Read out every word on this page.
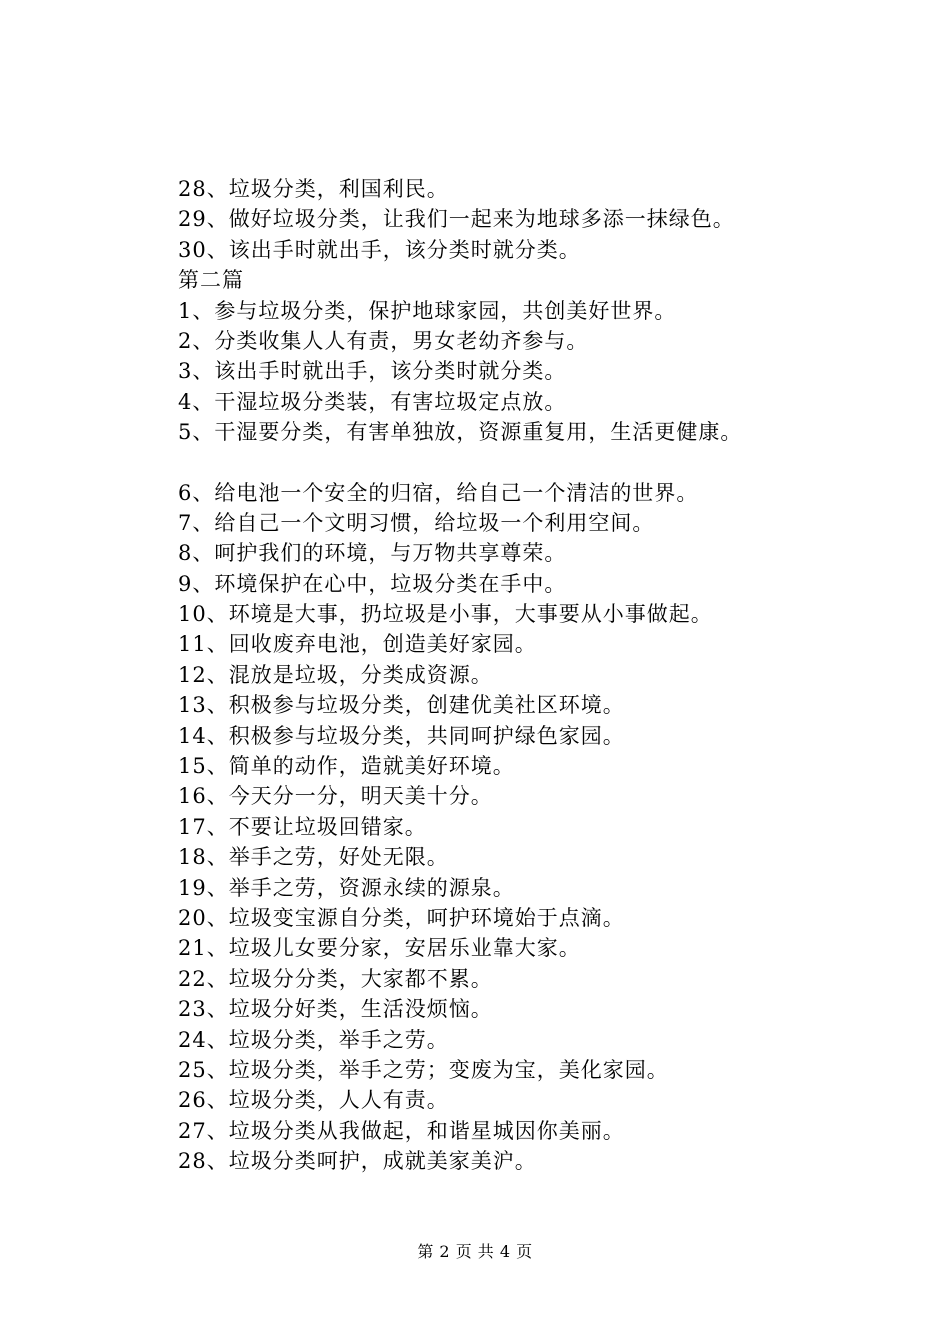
28、垃圾分类，利国利民。
29、做好垃圾分类，让我们一起来为地球多添一抹绿色。
30、该出手时就出手，该分类时就分类。
第二篇
1、参与垃圾分类，保护地球家园，共创美好世界。
2、分类收集人人有责，男女老幼齐参与。
3、该出手时就出手，该分类时就分类。
4、干湿垃圾分类装，有害垃圾定点放。
5、干湿要分类，有害单独放，资源重复用，生活更健康。
6、给电池一个安全的归宿，给自己一个清洁的世界。
7、给自己一个文明习惯，给垃圾一个利用空间。
8、呵护我们的环境，与万物共享尊荣。
9、环境保护在心中，垃圾分类在手中。
10、环境是大事，扔垃圾是小事，大事要从小事做起。
11、回收废弃电池，创造美好家园。
12、混放是垃圾，分类成资源。
13、积极参与垃圾分类，创建优美社区环境。
14、积极参与垃圾分类，共同呵护绿色家园。
15、简单的动作，造就美好环境。
16、今天分一分，明天美十分。
17、不要让垃圾回错家。
18、举手之劳，好处无限。
19、举手之劳，资源永续的源泉。
20、垃圾变宝源自分类，呵护环境始于点滴。
21、垃圾儿女要分家，安居乐业靠大家。
22、垃圾分分类，大家都不累。
23、垃圾分好类，生活没烦恼。
24、垃圾分类，举手之劳。
25、垃圾分类，举手之劳；变废为宝，美化家园。
26、垃圾分类，人人有责。
27、垃圾分类从我做起，和谐星城因你美丽。
28、垃圾分类呵护，成就美家美沪。
第 2 页 共 4 页
